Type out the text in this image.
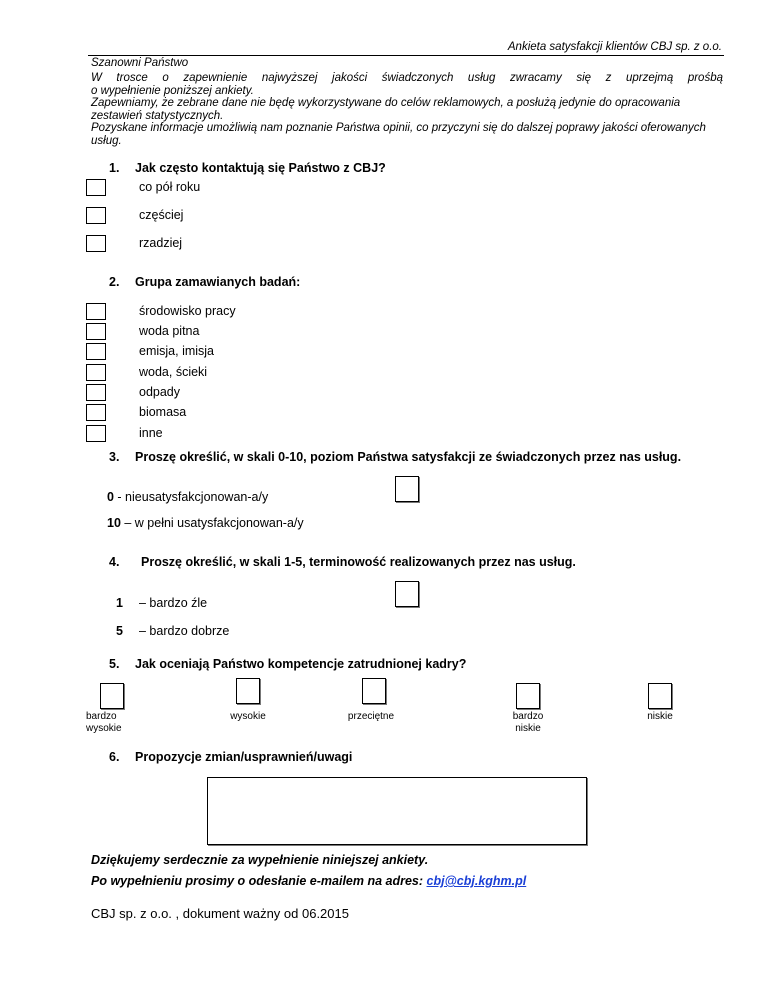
Ankieta satysfakcji klientów CBJ sp. z o.o.
Szanowni Państwo

W trosce o zapewnienie najwyższej jakości świadczonych usług zwracamy się z uprzejmą prośbą

o wypełnienie poniższej ankiety.

Zapewniamy, że zebrane dane nie będę wykorzystywane do celów reklamowych, a posłużą jedynie do opracowania zestawień statystycznych.

Pozyskane informacje umożliwią nam poznanie Państwa opinii, co przyczyni się do dalszej poprawy jakości oferowanych usług.

1. Jak często kontaktują się Państwo z CBJ?
co pół roku
częściej
rzadziej
2. Grupa zamawianych badań:
środowisko pracy
woda pitna
emisja, imisja
woda, ścieki
odpady
biomasa
inne
3. Proszę określić, w skali 0-10, poziom Państwa satysfakcji ze świadczonych przez nas usług.
0 - nieusatysfakcjonowan-a/y
10 – w pełni usatysfakcjonowan-a/y
4. Proszę określić, w skali 1-5, terminowość realizowanych przez nas usług.
1 – bardzo źle
5 – bardzo dobrze
5. Jak oceniają Państwo kompetencje zatrudnionej kadry?
bardzo wysokie
wysokie	przeciętne	bardzo niskie
niskie
6. Propozycje zmian/usprawnień/uwagi
Dziękujemy serdecznie za wypełnienie niniejszej ankiety.
Po wypełnieniu prosimy o odesłanie e-mailem na adres: cbj@cbj.kghm.pl
CBJ sp. z o.o. , dokument ważny od 06.2015
